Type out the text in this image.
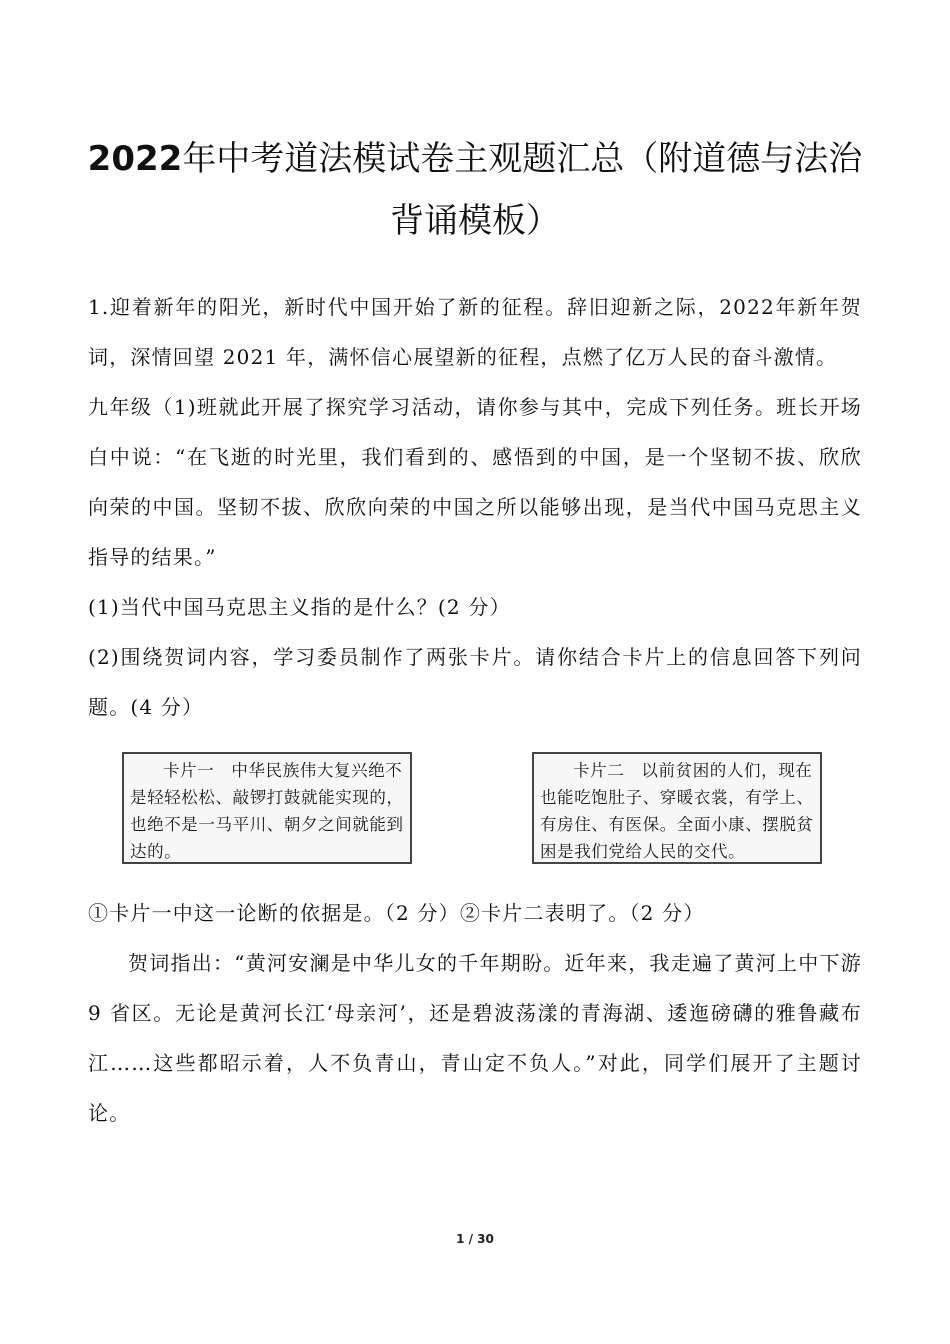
2022年中考道法模试卷主观题汇总（附道德与法治
背诵模板）

1.迎着新年的阳光，新时代中国开始了新的征程。辞旧迎新之际，2022年新年贺词，深情回望 2021 年，满怀信心展望新的征程，点燃了亿万人民的奋斗激情。

九年级（1)班就此开展了探究学习活动，请你参与其中，完成下列任务。班长开场白中说：“在飞逝的时光里，我们看到的、感悟到的中国，是一个坚韧不拔、欣欣向荣的中国。坚韧不拔、欣欣向荣的中国之所以能够出现，是当代中国马克思主义指导的结果。”

(1)当代中国马克思主义指的是什么？(2 分）

(2)围绕贺词内容，学习委员制作了两张卡片。请你结合卡片上的信息回答下列问题。(4 分）

卡片一　中华民族伟大复兴绝不是轻轻松松、敲锣打鼓就能实现的，也绝不是一马平川、朝夕之间就能到达的。
卡片二　以前贫困的人们，现在也能吃饱肚子、穿暖衣裳，有学上、有房住、有医保。全面小康、摆脱贫困是我们党给人民的交代。

①卡片一中这一论断的依据是。（2 分）②卡片二表明了。（2 分）

贺词指出：“黄河安澜是中华儿女的千年期盼。近年来，我走遍了黄河上中下游 9 省区。无论是黄河长江‘母亲河’，还是碧波荡漾的青海湖、逶迤磅礴的雅鲁藏布江……这些都昭示着，人不负青山，青山定不负人。”对此，同学们展开了主题讨论。

1 / 30
